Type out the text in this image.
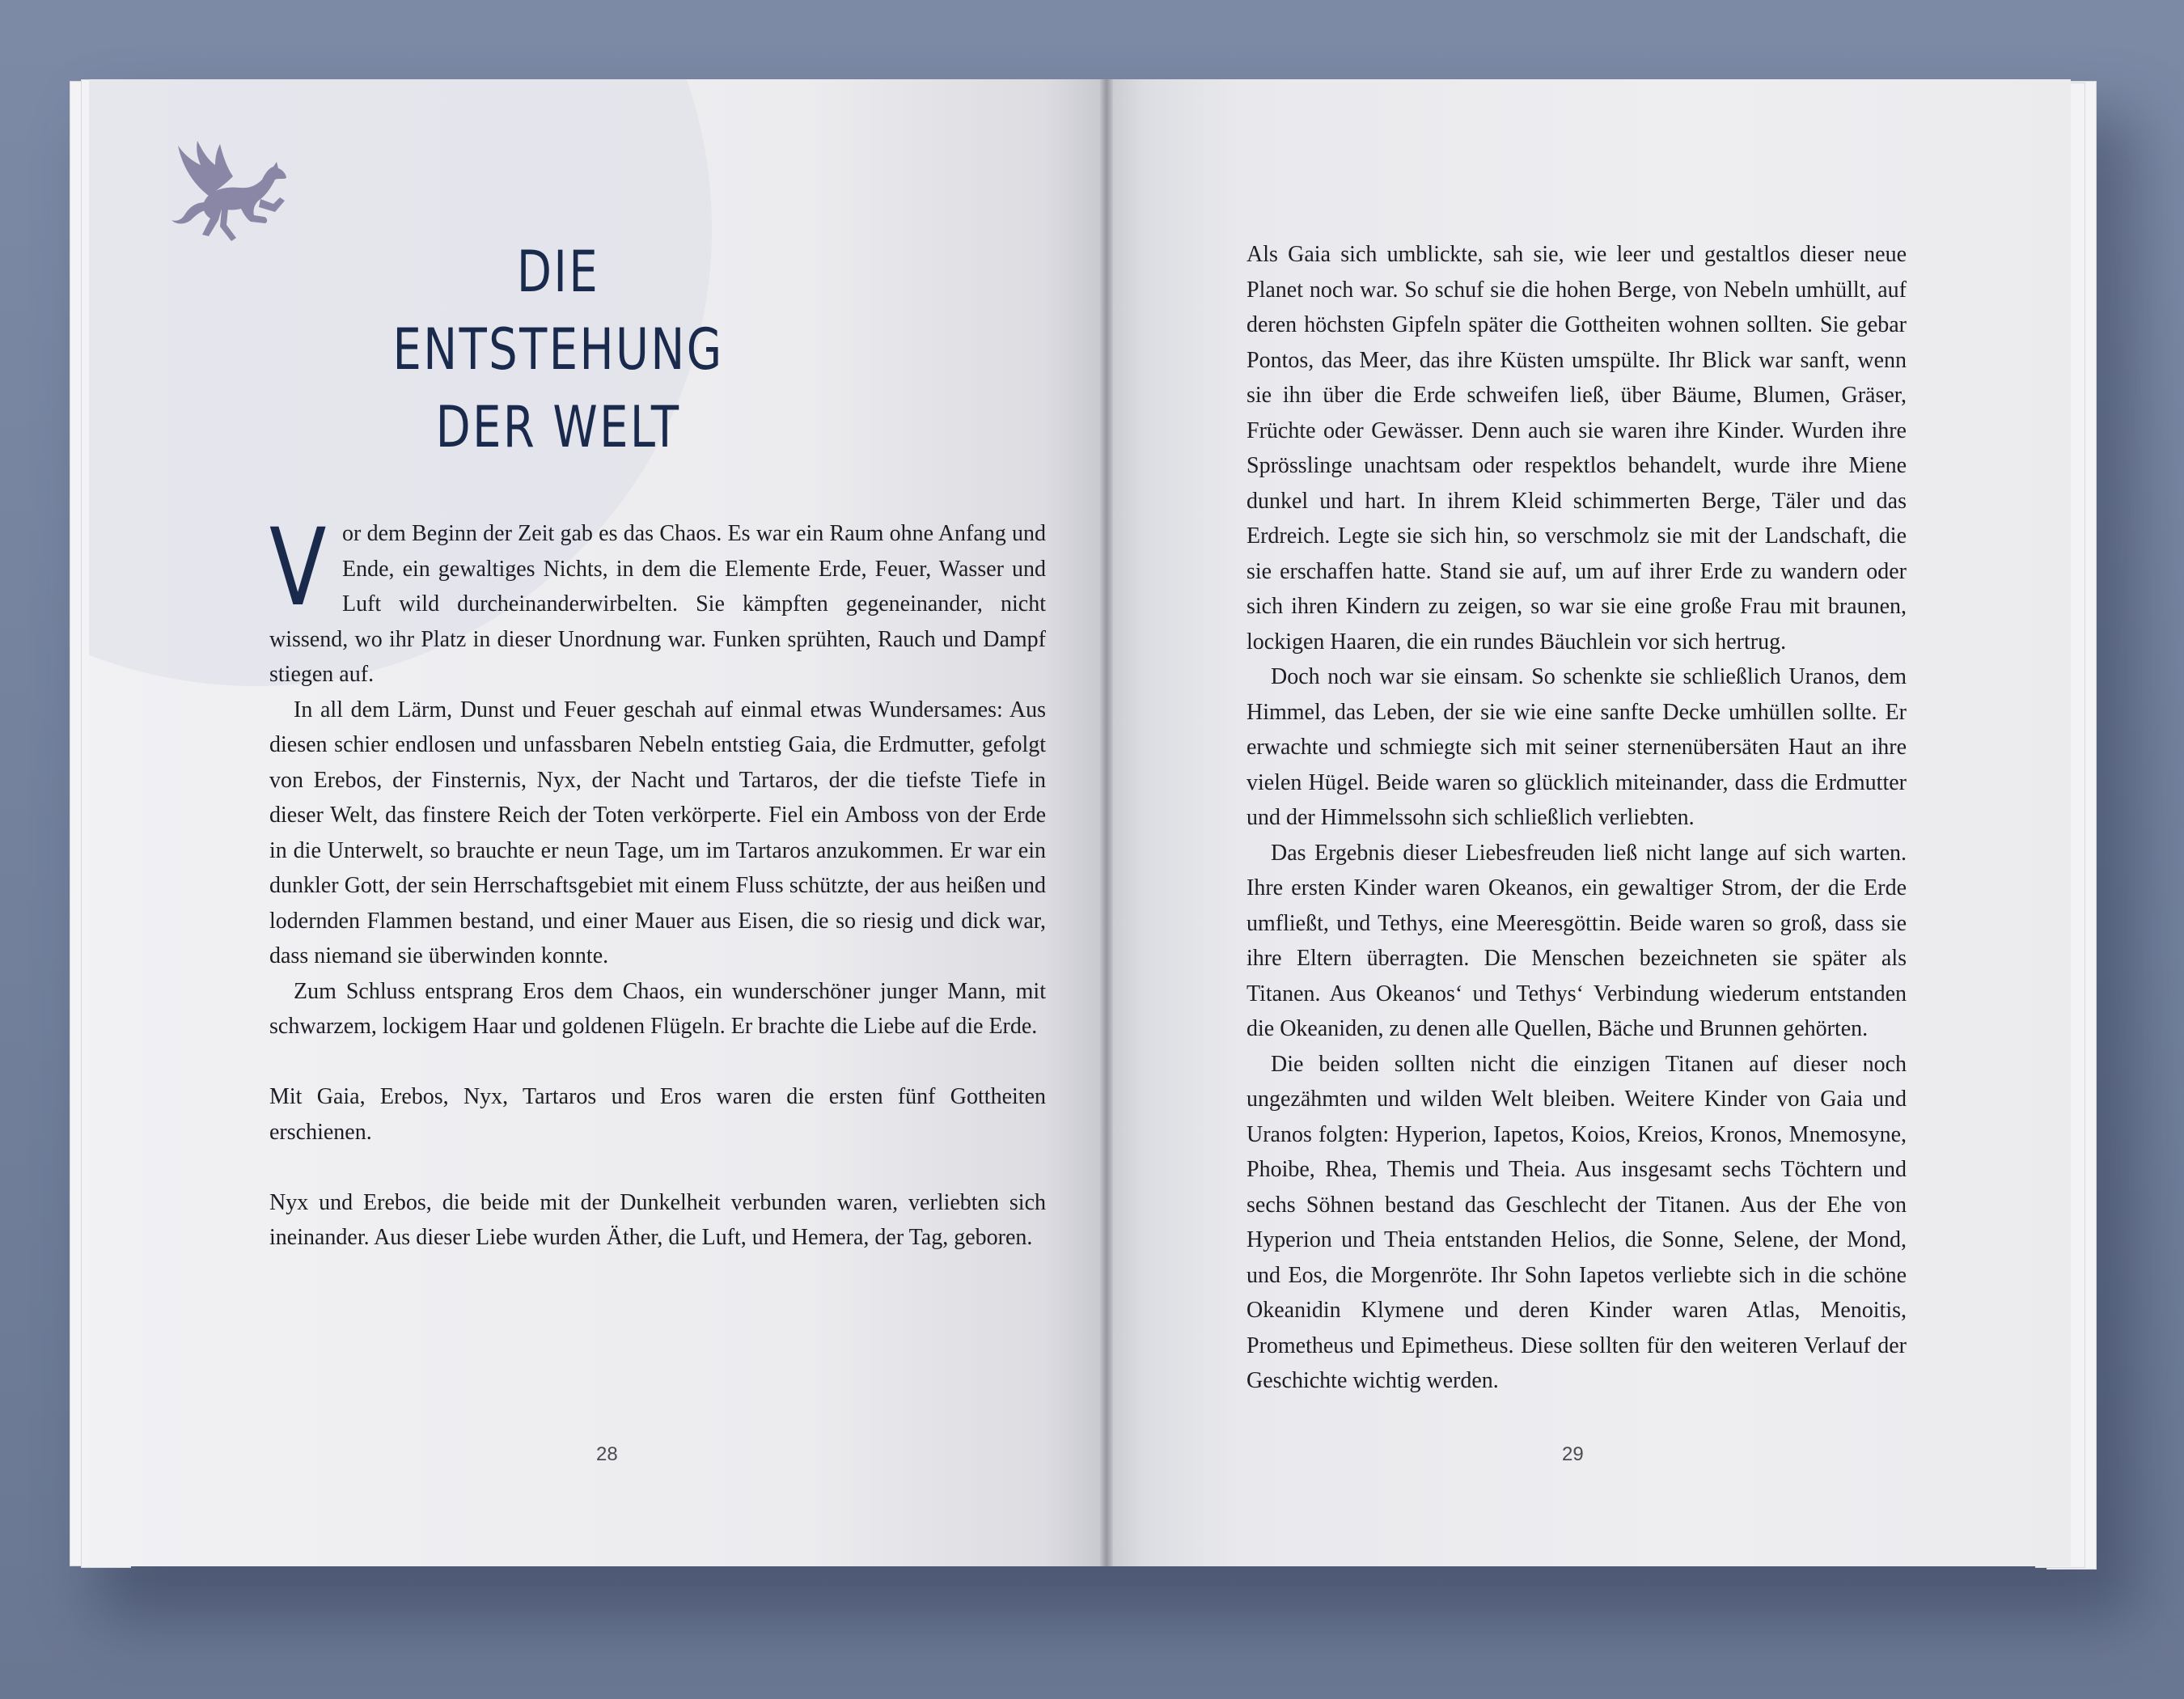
DIE
ENTSTEHUNG
DER WELT

Vor dem Beginn der Zeit gab es das Chaos. Es war ein Raum ohne Anfang und Ende, ein gewaltiges Nichts, in dem die Elemente Erde, Feuer, Wasser und Luft wild durcheinanderwirbelten. Sie kämpften gegeneinander, nicht wissend, wo ihr Platz in dieser Unordnung war. Funken sprühten, Rauch und Dampf stiegen auf.

In all dem Lärm, Dunst und Feuer geschah auf einmal etwas Wundersames: Aus diesen schier endlosen und unfassbaren Nebeln entstieg Gaia, die Erdmutter, gefolgt von Erebos, der Finsternis, Nyx, der Nacht und Tartaros, der die tiefste Tiefe in dieser Welt, das finstere Reich der Toten verkörperte. Fiel ein Amboss von der Erde in die Unterwelt, so brauchte er neun Tage, um im Tartaros anzukommen. Er war ein dunkler Gott, der sein Herrschaftsgebiet mit einem Fluss schützte, der aus heißen und lodernden Flammen bestand, und einer Mauer aus Eisen, die so riesig und dick war, dass niemand sie überwinden konnte.

Zum Schluss entsprang Eros dem Chaos, ein wunderschöner junger Mann, mit schwarzem, lockigem Haar und goldenen Flügeln. Er brachte die Liebe auf die Erde.

Mit Gaia, Erebos, Nyx, Tartaros und Eros waren die ersten fünf Gottheiten erschienen.

Nyx und Erebos, die beide mit der Dunkelheit verbunden waren, verliebten sich ineinander. Aus dieser Liebe wurden Äther, die Luft, und Hemera, der Tag, geboren.

28

Als Gaia sich umblickte, sah sie, wie leer und gestaltlos dieser neue Planet noch war. So schuf sie die hohen Berge, von Nebeln umhüllt, auf deren höchsten Gipfeln später die Gottheiten wohnen sollten. Sie gebar Pontos, das Meer, das ihre Küsten umspülte. Ihr Blick war sanft, wenn sie ihn über die Erde schweifen ließ, über Bäume, Blumen, Gräser, Früchte oder Gewässer. Denn auch sie waren ihre Kinder. Wurden ihre Sprösslinge unachtsam oder respektlos behandelt, wurde ihre Miene dunkel und hart. In ihrem Kleid schimmerten Berge, Täler und das Erdreich. Legte sie sich hin, so verschmolz sie mit der Landschaft, die sie erschaffen hatte. Stand sie auf, um auf ihrer Erde zu wandern oder sich ihren Kindern zu zeigen, so war sie eine große Frau mit braunen, lockigen Haaren, die ein rundes Bäuchlein vor sich hertrug.

Doch noch war sie einsam. So schenkte sie schließlich Uranos, dem Himmel, das Leben, der sie wie eine sanfte Decke umhüllen sollte. Er erwachte und schmiegte sich mit seiner sternenübersäten Haut an ihre vielen Hügel. Beide waren so glücklich miteinander, dass die Erdmutter und der Himmelssohn sich schließlich verliebten.

Das Ergebnis dieser Liebesfreuden ließ nicht lange auf sich warten. Ihre ersten Kinder waren Okeanos, ein gewaltiger Strom, der die Erde umfließt, und Tethys, eine Meeresgöttin. Beide waren so groß, dass sie ihre Eltern überragten. Die Menschen bezeichneten sie später als Titanen. Aus Okeanos‘ und Tethys‘ Verbindung wiederum entstanden die Okeaniden, zu denen alle Quellen, Bäche und Brunnen gehörten.

Die beiden sollten nicht die einzigen Titanen auf dieser noch ungezähmten und wilden Welt bleiben. Weitere Kinder von Gaia und Uranos folgten: Hyperion, Iapetos, Koios, Kreios, Kronos, Mnemosyne, Phoibe, Rhea, Themis und Theia. Aus insgesamt sechs Töchtern und sechs Söhnen bestand das Geschlecht der Titanen. Aus der Ehe von Hyperion und Theia entstanden Helios, die Sonne, Selene, der Mond, und Eos, die Morgenröte. Ihr Sohn Iapetos verliebte sich in die schöne Okeanidin Klymene und deren Kinder waren Atlas, Menoitis, Prometheus und Epimetheus. Diese sollten für den weiteren Verlauf der Geschichte wichtig werden.

29
